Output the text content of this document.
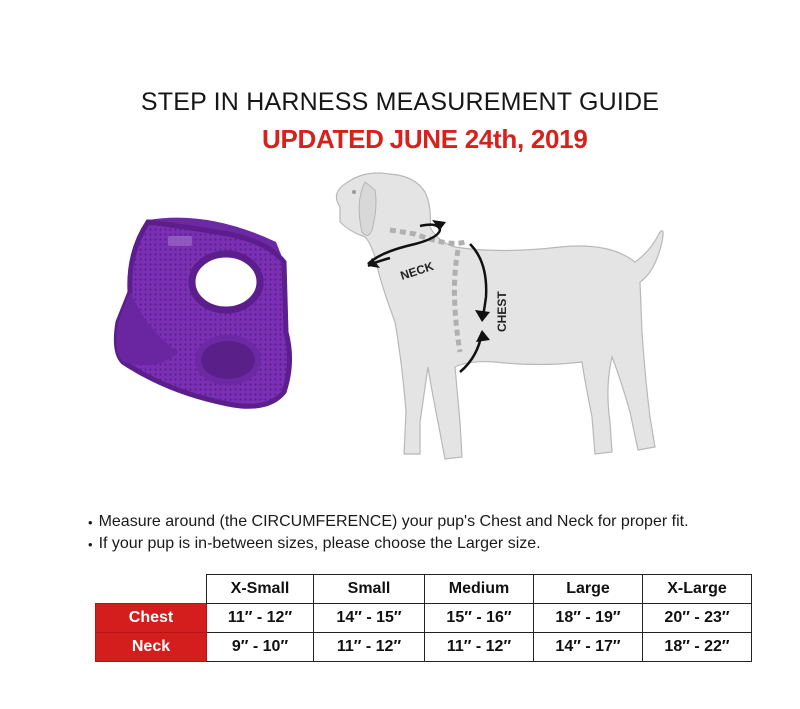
STEP IN HARNESS MEASUREMENT GUIDE
UPDATED JUNE 24th, 2019
NECK
CHEST
• Measure around (the CIRCUMFERENCE) your pup's Chest and Neck for proper fit.
• If your pup is in-between sizes, please choose the Larger size.
	X-Small	Small	Medium	Large	X-Large
Chest	11″ - 12″	14″ - 15″	15″ - 16″	18″ - 19″	20″ - 23″
Neck	9″ - 10″	11″ - 12″	11″ - 12″	14″ - 17″	18″ - 22″
